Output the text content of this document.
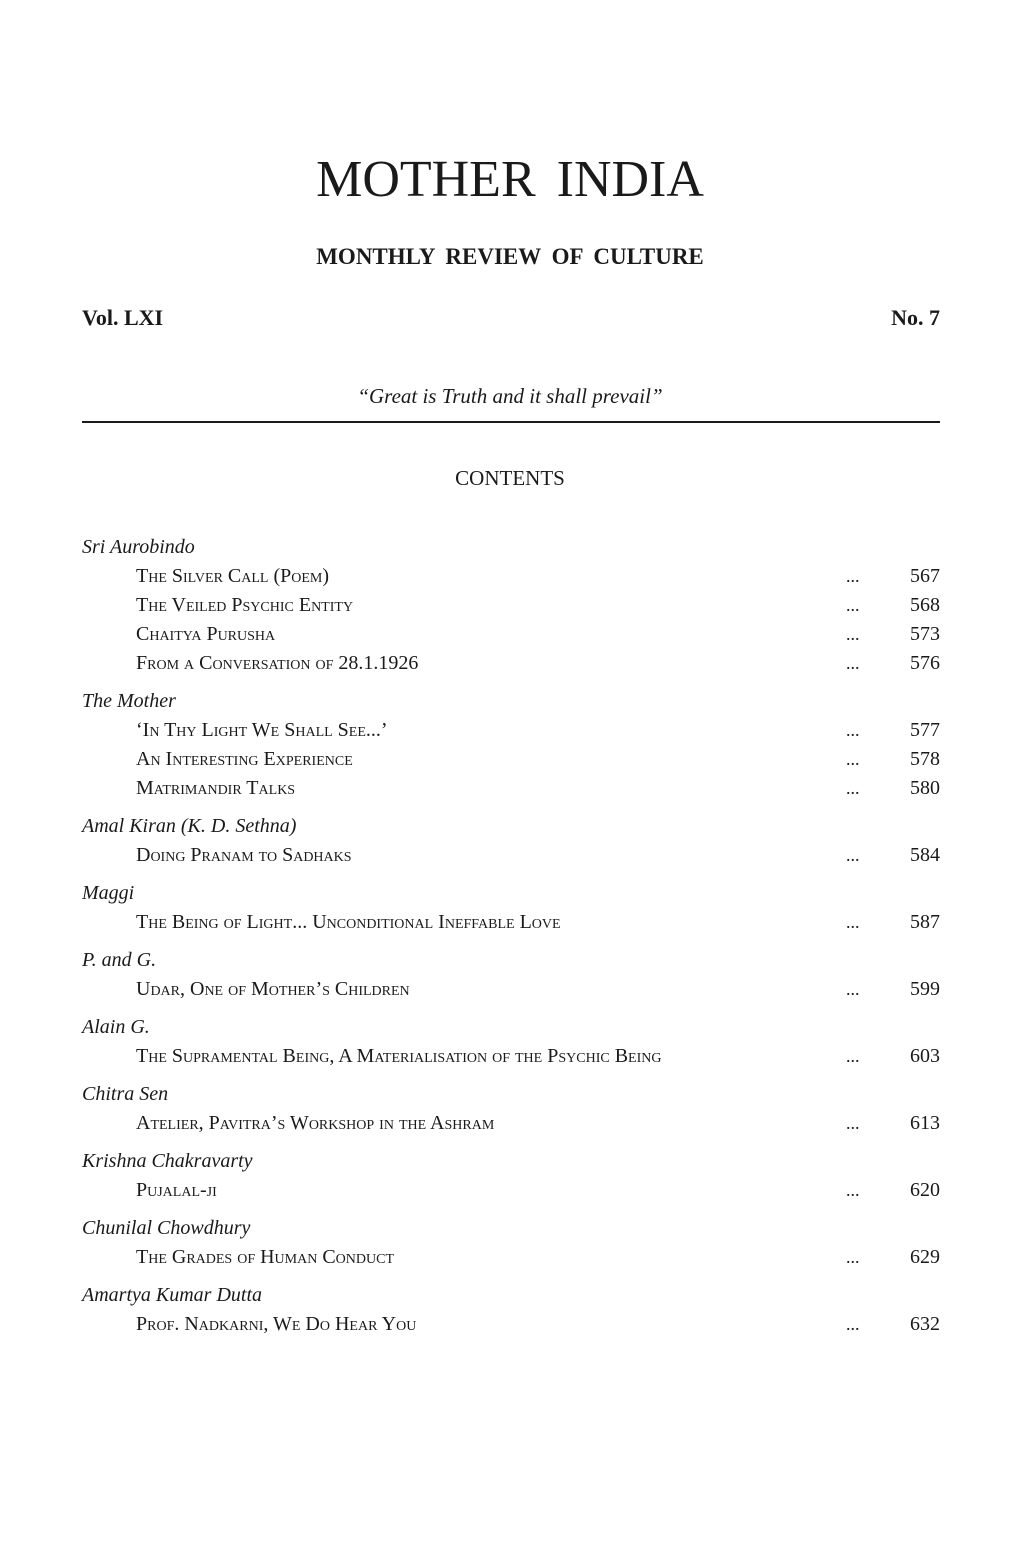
MOTHER INDIA
MONTHLY REVIEW OF CULTURE
Vol. LXI	No. 7
“Great is Truth and it shall prevail”
CONTENTS
Sri Aurobindo
The Silver Call (Poem)	...	567
The Veiled Psychic Entity	...	568
Chaitya Purusha	...	573
From a Conversation of 28.1.1926	...	576
The Mother
‘In Thy Light We Shall See...’	...	577
An Interesting Experience	...	578
Matrimandir Talks	...	580
Amal Kiran (K. D. Sethna)
Doing Pranam to Sadhaks	...	584
Maggi
The Being of Light... Unconditional Ineffable Love	...	587
P. and G.
Udar, One of Mother’s Children	...	599
Alain G.
The Supramental Being, A Materialisation of the Psychic Being	...	603
Chitra Sen
Atelier, Pavitra’s Workshop in the Ashram	...	613
Krishna Chakravarty
Pujalal-ji	...	620
Chunilal Chowdhury
The Grades of Human Conduct	...	629
Amartya Kumar Dutta
Prof. Nadkarni, We Do Hear You	...	632
